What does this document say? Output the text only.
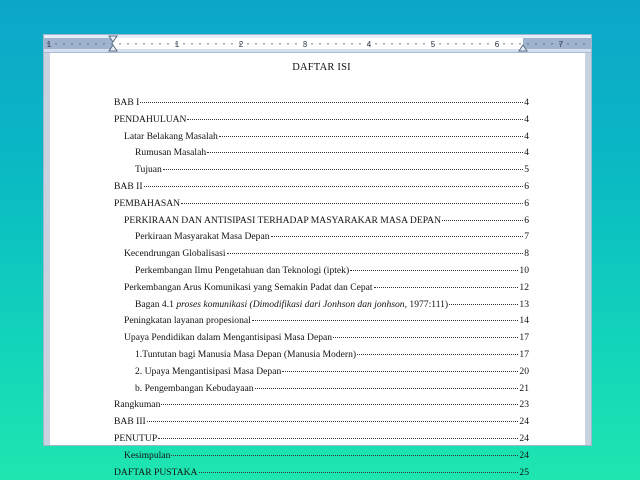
1	1	2	3	4	5	6	7
DAFTAR ISI
BAB I	4
PENDAHULUAN	4
Latar Belakang Masalah	4
Rumusan Masalah	4
Tujuan	5
BAB II	6
PEMBAHASAN	6
PERKIRAAN DAN ANTISIPASI TERHADAP MASYARAKAR MASA DEPAN	6
Perkiraan Masyarakat Masa Depan	7
Kecendrungan Globalisasi	8
Perkembangan Ilmu Pengetahuan dan Teknologi (iptek)	10
Perkembangan Arus Komunikasi yang Semakin Padat dan Cepat	12
Bagan 4.1 proses komunikasi (Dimodifikasi dari Jonhson dan jonhson, 1977:111)	13
Peningkatan layanan propesional	14
Upaya Pendidikan dalam Mengantisipasi Masa Depan	17
1.Tuntutan bagi Manusia Masa Depan (Manusia Modern)	17
2. Upaya Mengantisipasi Masa Depan	20
b. Pengembangan Kebudayaan	21
Rangkuman	23
BAB III	24
PENUTUP	24
Kesimpulan	24
DAFTAR PUSTAKA	25
